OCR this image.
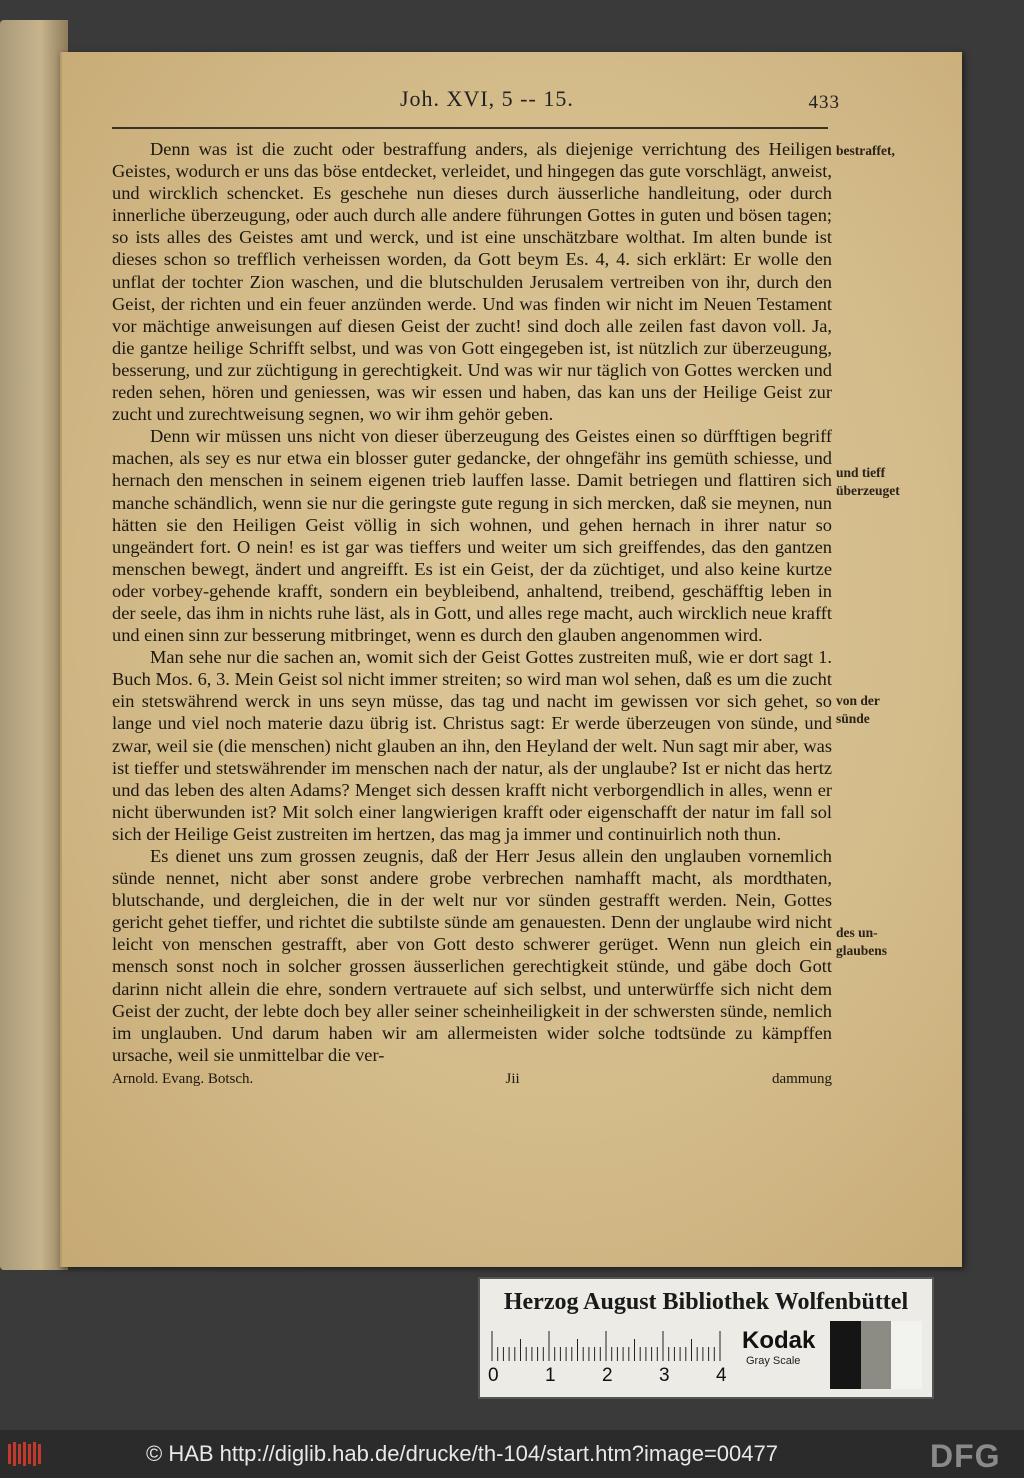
Joh. XVI, 5 -- 15.	433

Denn was ist die zucht oder bestraffung anders, als diejenige verrichtung des Heiligen Geistes, wodurch er uns das böse entdecket, verleidet, und hingegen das gute vorschlägt, anweist, und wircklich schencket. Es geschehe nun dieses durch äusserliche handleitung, oder durch innerliche überzeugung, oder auch durch alle andere führungen Gottes in guten und bösen tagen; so ists alles des Geistes amt und werck, und ist eine unschätzbare wolthat. Im alten bunde ist dieses schon so trefflich verheissen worden, da Gott beym Es. 4, 4. sich erklärt: Er wolle den unflat der tochter Zion waschen, und die blutschulden Jerusalem vertreiben von ihr, durch den Geist, der richten und ein feuer anzünden werde. Und was finden wir nicht im Neuen Testament vor mächtige anweisungen auf diesen Geist der zucht! sind doch alle zeilen fast davon voll. Ja, die gantze heilige Schrifft selbst, und was von Gott eingegeben ist, ist nützlich zur überzeugung, besserung, und zur züchtigung in gerechtigkeit. Und was wir nur täglich von Gottes wercken und reden sehen, hören und geniessen, was wir essen und haben, das kan uns der Heilige Geist zur zucht und zurechtweisung segnen, wo wir ihm gehör geben.

Denn wir müssen uns nicht von dieser überzeugung des Geistes einen so dürfftigen begriff machen, als sey es nur etwa ein blosser guter gedancke, der ohngefähr ins gemüth schiesse, und hernach den menschen in seinem eigenen trieb lauffen lasse. Damit betriegen und flattiren sich manche schändlich, wenn sie nur die geringste gute regung in sich mercken, daß sie meynen, nun hätten sie den Heiligen Geist völlig in sich wohnen, und gehen hernach in ihrer natur so ungeändert fort. O nein! es ist gar was tieffers und weiter um sich greiffendes, das den gantzen menschen bewegt, ändert und angreifft. Es ist ein Geist, der da züchtiget, und also keine kurtze oder vorbey-gehende krafft, sondern ein beybleibend, anhaltend, treibend, geschäfftig leben in der seele, das ihm in nichts ruhe läst, als in Gott, und alles rege macht, auch wircklich neue krafft und einen sinn zur besserung mitbringet, wenn es durch den glauben angenommen wird.

Man sehe nur die sachen an, womit sich der Geist Gottes zustreiten muß, wie er dort sagt 1. Buch Mos. 6, 3. Mein Geist sol nicht immer streiten; so wird man wol sehen, daß es um die zucht ein stetswährend werck in uns seyn müsse, das tag und nacht im gewissen vor sich gehet, so lange und viel noch materie dazu übrig ist. Christus sagt: Er werde überzeugen von sünde, und zwar, weil sie (die menschen) nicht glauben an ihn, den Heyland der welt. Nun sagt mir aber, was ist tieffer und stetswährender im menschen nach der natur, als der unglaube? Ist er nicht das hertz und das leben des alten Adams? Menget sich dessen krafft nicht verborgendlich in alles, wenn er nicht überwunden ist? Mit solch einer langwierigen krafft oder eigenschafft der natur im fall sol sich der Heilige Geist zustreiten im hertzen, das mag ja immer und continuirlich noth thun.

Es dienet uns zum grossen zeugnis, daß der Herr Jesus allein den unglauben vornemlich sünde nennet, nicht aber sonst andere grobe verbrechen namhafft macht, als mordthaten, blutschande, und dergleichen, die in der welt nur vor sünden gestrafft werden. Nein, Gottes gericht gehet tieffer, und richtet die subtilste sünde am genauesten. Denn der unglaube wird nicht leicht von menschen gestrafft, aber von Gott desto schwerer gerüget. Wenn nun gleich ein mensch sonst noch in solcher grossen äusserlichen gerechtigkeit stünde, und gäbe doch Gott darinn nicht allein die ehre, sondern vertrauete auf sich selbst, und unterwürffe sich nicht dem Geist der zucht, der lebte doch bey aller seiner scheinheiligkeit in der schwersten sünde, nemlich im unglauben. Und darum haben wir am allermeisten wider solche todtsünde zu kämpffen ursache, weil sie unmittelbar die ver-

Arnold. Evang. Botsch.	Jii	dammung

bestraffet,
und tieff
überzeuget
von der
sünde
des un-
glaubens
Herzog August Bibliothek Wolfenbüttel
0 1 2 3 4
Kodak
Gray Scale
© HAB http://diglib.hab.de/drucke/th-104/start.htm?image=00477	DFG
